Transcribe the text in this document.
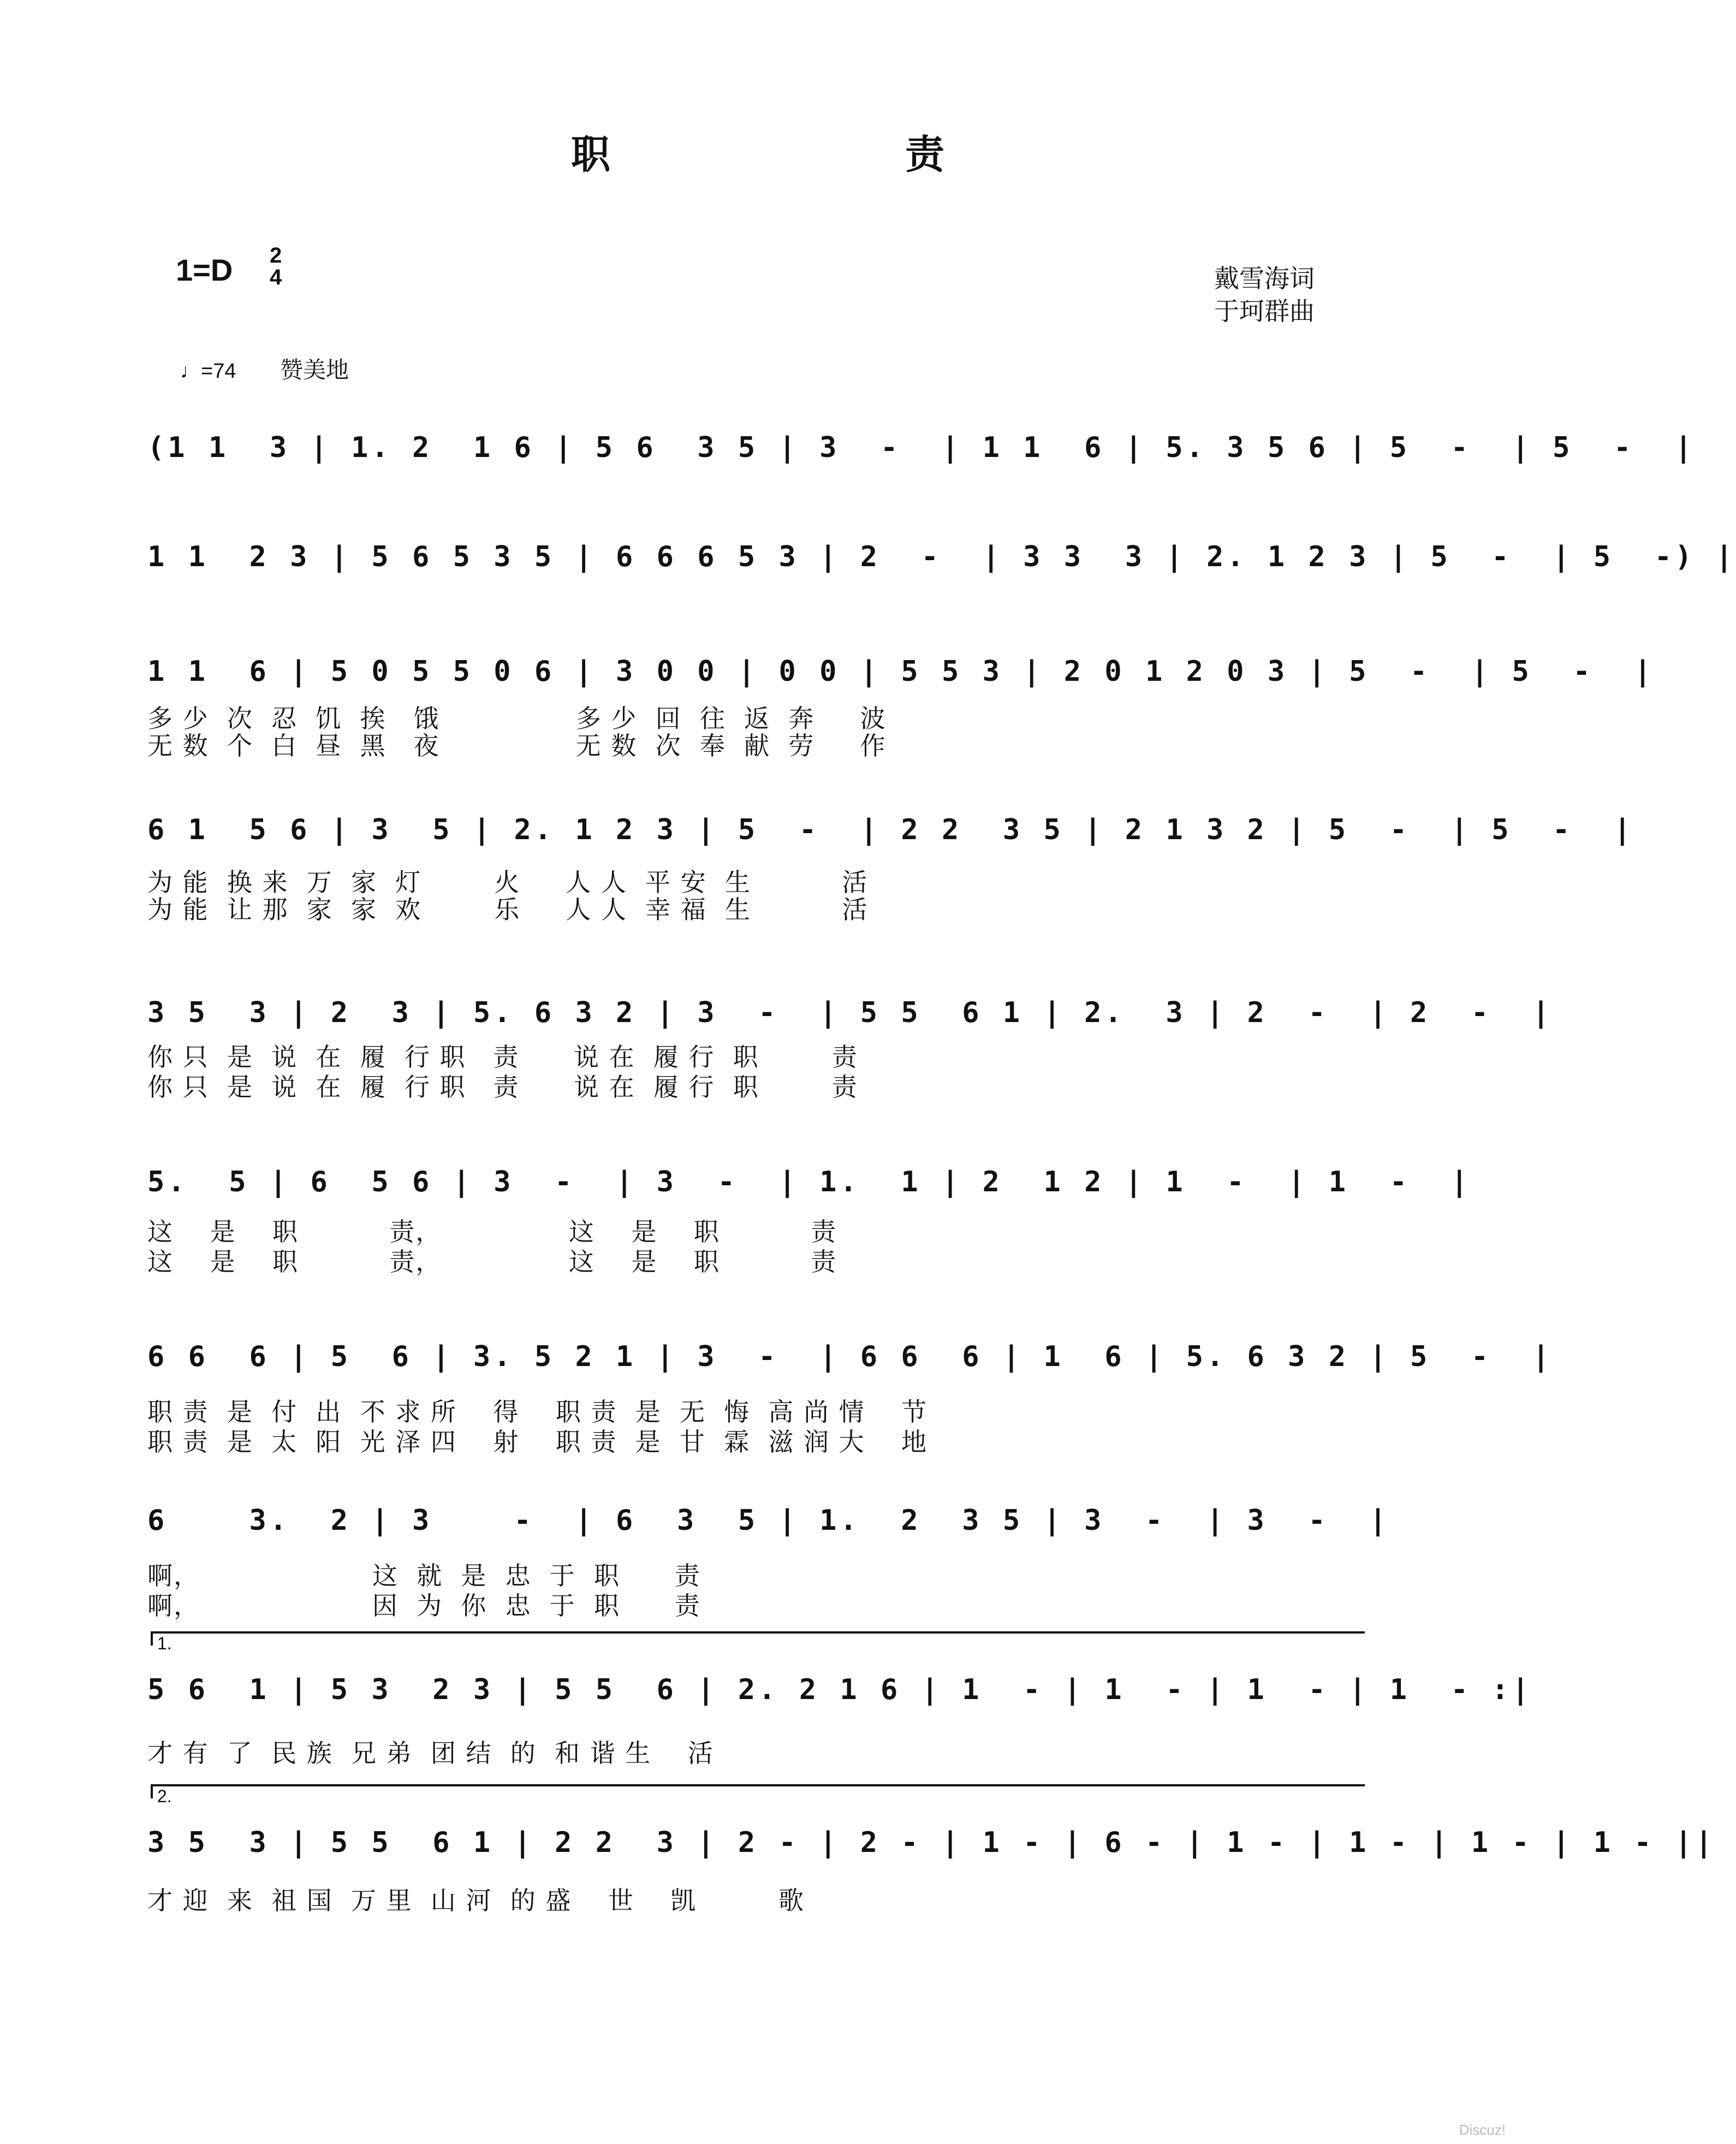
职责
1=D 2
4	戴雪海词
于珂群曲
♩=74 赞美地
(1 1  3 | 1. 2  1 6 | 5 6  3 5 | 3  -  | 1 1  6 | 5. 3 5 6 | 5  -  | 5  -  |
1 1  2 3 | 5 6 5 3 5 | 6 6 6 5 3 | 2  -  | 3 3  3 | 2. 1 2 3 | 5  -  | 5  -) |
1 1  6 | 5 0 5 5 0 6 | 3 0 0 | 0 0 | 5 5 3 | 2 0 1 2 0 3 | 5  -  | 5  -  |
多 少  次  忍  饥  挨   饿               多 少  回  往  返  奔     波
无 数  个  白  昼  黑   夜               无 数  次  奉  献  劳     作
6 1  5 6 | 3  5 | 2. 1 2 3 | 5  -  | 2 2  3 5 | 2 1 3 2 | 5  -  | 5  -  |
为 能  换 来  万  家  灯        火     人 人  平 安  生          活
为 能  让 那  家  家  欢        乐     人 人  幸 福  生          活
3 5  3 | 2  3 | 5. 6 3 2 | 3  -  | 5 5  6 1 | 2.  3 | 2  -  | 2  -  |
你 只  是  说  在  履  行 职   责      说 在  履 行  职        责
你 只  是  说  在  履  行 职   责      说 在  履 行  职        责
5.  5 | 6  5 6 | 3  -  | 3  -  | 1.  1 | 2  1 2 | 1  -  | 1  -  |
这    是    职          责，              这    是    职          责
这    是    职          责，              这    是    职          责
6 6  6 | 5  6 | 3. 5 2 1 | 3  -  | 6 6  6 | 1  6 | 5. 6 3 2 | 5  -  |
职 责  是  付  出  不 求 所    得    职 责  是  无  悔  高 尚 情    节
职 责  是  太  阳  光 泽 四    射    职 责  是  甘  霖  滋 润 大    地
6    3.  2 | 3    -  | 6  3  5 | 1.  2  3 5 | 3  -  | 3  -  |
啊，                   这  就  是  忠  于  职      责
啊，                   因  为  你  忠  于  职      责
1.
5 6  1 | 5 3  2 3 | 5 5  6 | 2. 2 1 6 | 1  - | 1  - | 1  - | 1  - :|
才 有  了  民 族  兄 弟  团 结  的  和 谐 生    活
2.
3 5  3 | 5 5  6 1 | 2 2  3 | 2 - | 2 - | 1 - | 6 - | 1 - | 1 - | 1 - | 1 - ||
才 迎  来  祖 国  万 里  山 河  的 盛    世    凯         歌
Discuz!
